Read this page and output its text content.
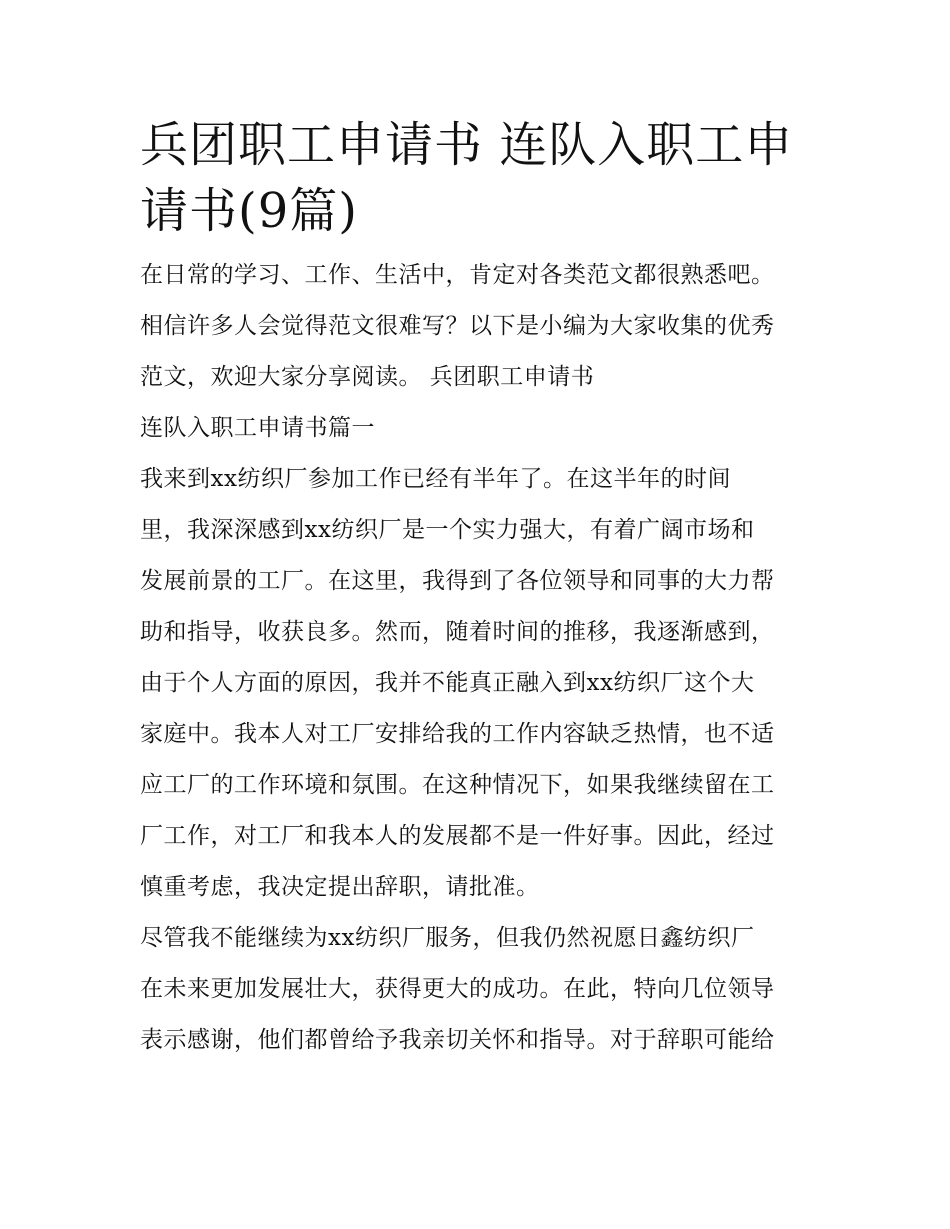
兵团职工申请书 连队入职工申请书(9篇)

在日常的学习、工作、生活中，肯定对各类范文都很熟悉吧。
相信许多人会觉得范文很难写？以下是小编为大家收集的优秀
范文，欢迎大家分享阅读。 兵团职工申请书

连队入职工申请书篇一

我来到xx纺织厂参加工作已经有半年了。在这半年的时间
里，我深深感到xx纺织厂是一个实力强大，有着广阔市场和
发展前景的工厂。在这里，我得到了各位领导和同事的大力帮
助和指导，收获良多。然而，随着时间的推移，我逐渐感到，
由于个人方面的原因，我并不能真正融入到xx纺织厂这个大
家庭中。我本人对工厂安排给我的工作内容缺乏热情，也不适
应工厂的工作环境和氛围。在这种情况下，如果我继续留在工
厂工作，对工厂和我本人的发展都不是一件好事。因此，经过
慎重考虑，我决定提出辞职，请批准。

尽管我不能继续为xx纺织厂服务，但我仍然祝愿日鑫纺织厂
在未来更加发展壮大，获得更大的成功。在此，特向几位领导
表示感谢，他们都曾给予我亲切关怀和指导。对于辞职可能给
